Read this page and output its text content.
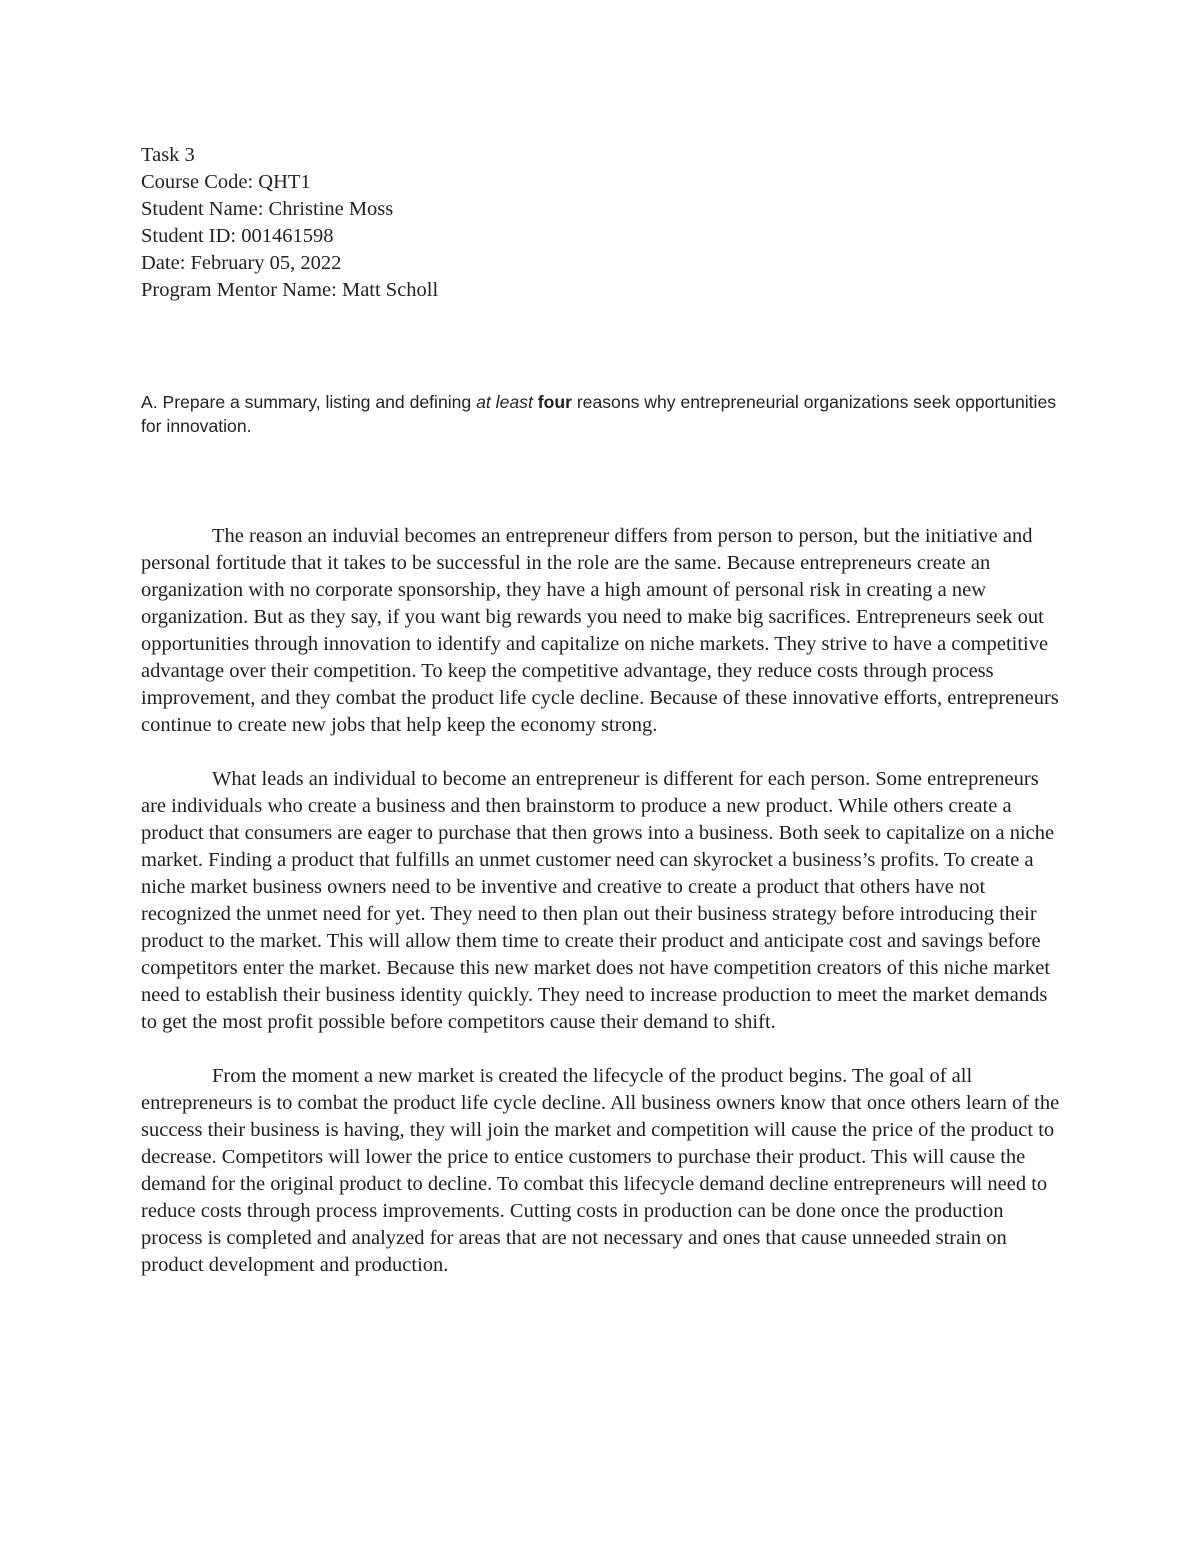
Task 3
Course Code: QHT1
Student Name: Christine Moss
Student ID: 001461598
Date: February 05, 2022
Program Mentor Name: Matt Scholl
A. Prepare a summary, listing and defining at least four reasons why entrepreneurial organizations seek opportunities for innovation.

The reason an induvial becomes an entrepreneur differs from person to person, but the initiative and personal fortitude that it takes to be successful in the role are the same. Because entrepreneurs create an organization with no corporate sponsorship, they have a high amount of personal risk in creating a new organization. But as they say, if you want big rewards you need to make big sacrifices. Entrepreneurs seek out opportunities through innovation to identify and capitalize on niche markets. They strive to have a competitive advantage over their competition. To keep the competitive advantage, they reduce costs through process improvement, and they combat the product life cycle decline. Because of these innovative efforts, entrepreneurs continue to create new jobs that help keep the economy strong.

What leads an individual to become an entrepreneur is different for each person. Some entrepreneurs are individuals who create a business and then brainstorm to produce a new product. While others create a product that consumers are eager to purchase that then grows into a business. Both seek to capitalize on a niche market. Finding a product that fulfills an unmet customer need can skyrocket a business’s profits. To create a niche market business owners need to be inventive and creative to create a product that others have not recognized the unmet need for yet. They need to then plan out their business strategy before introducing their product to the market. This will allow them time to create their product and anticipate cost and savings before competitors enter the market. Because this new market does not have competition creators of this niche market need to establish their business identity quickly. They need to increase production to meet the market demands to get the most profit possible before competitors cause their demand to shift.

From the moment a new market is created the lifecycle of the product begins. The goal of all entrepreneurs is to combat the product life cycle decline. All business owners know that once others learn of the success their business is having, they will join the market and competition will cause the price of the product to decrease. Competitors will lower the price to entice customers to purchase their product. This will cause the demand for the original product to decline. To combat this lifecycle demand decline entrepreneurs will need to reduce costs through process improvements. Cutting costs in production can be done once the production process is completed and analyzed for areas that are not necessary and ones that cause unneeded strain on product development and production.
